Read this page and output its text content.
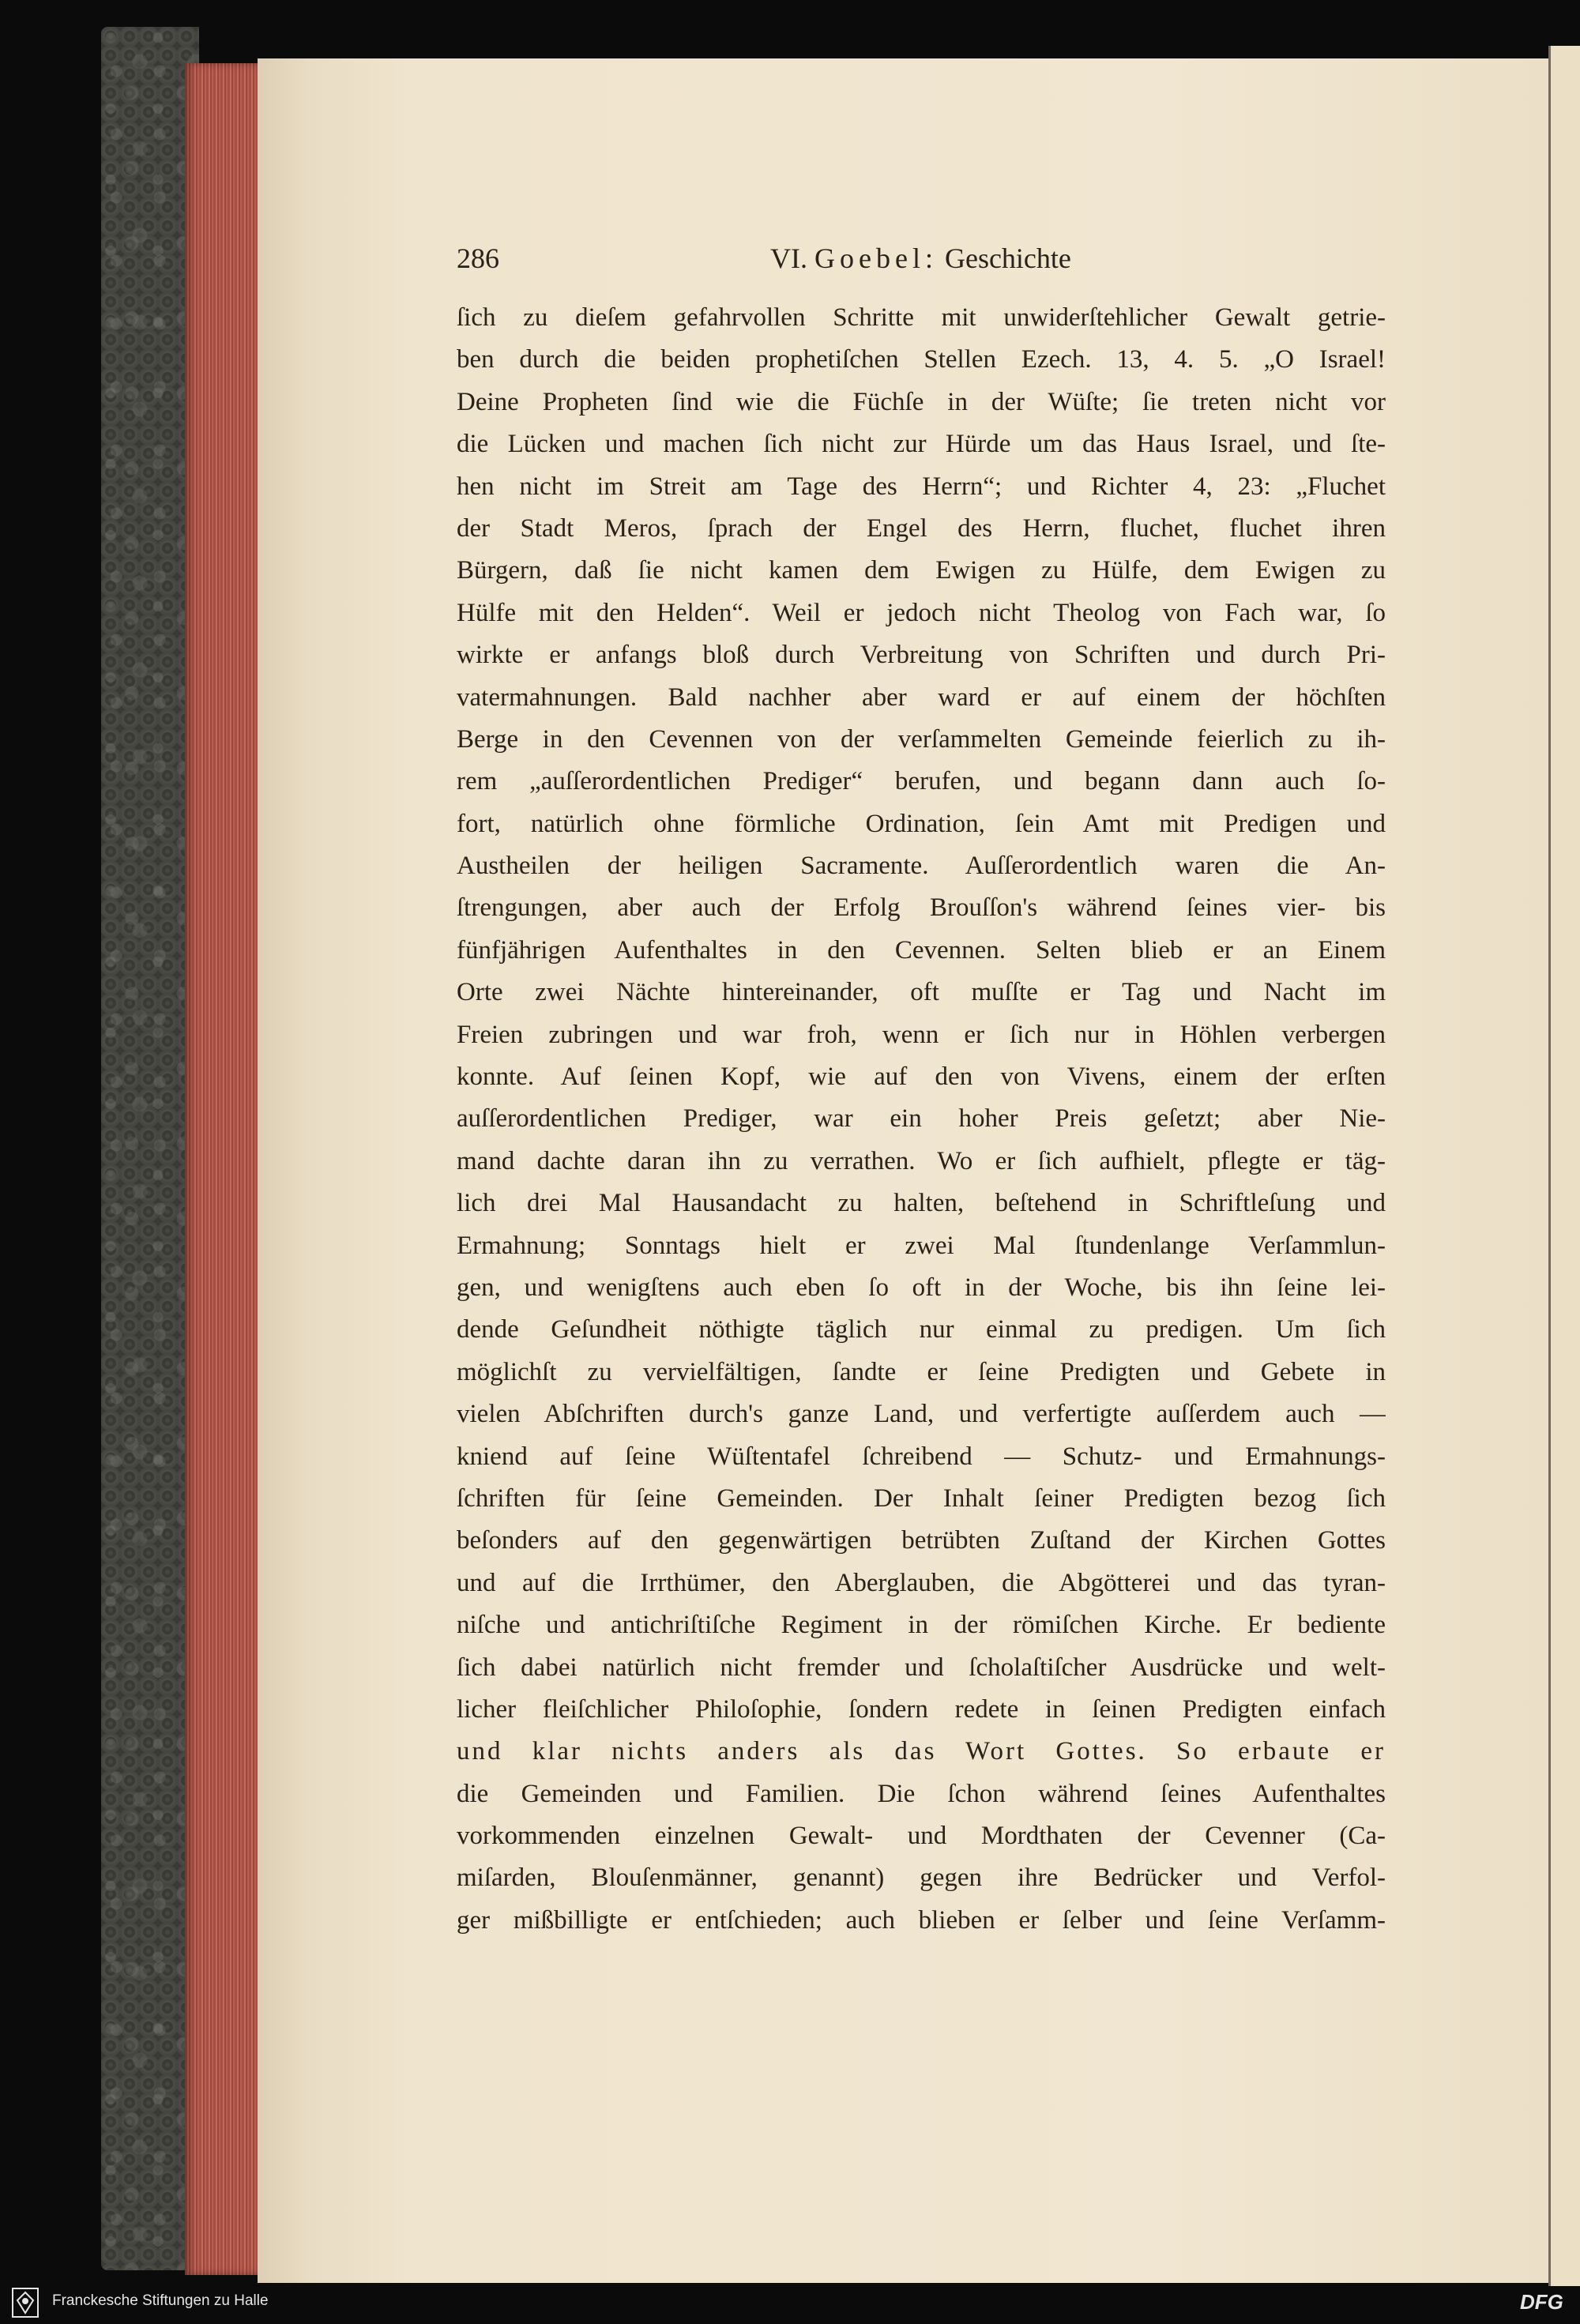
286	VI. Goebel: Geschichte
ſich zu dieſem gefahrvollen Schritte mit unwiderſtehlicher Gewalt getrie-
ben durch die beiden prophetiſchen Stellen Ezech. 13, 4. 5. „O Israel!
Deine Propheten ſind wie die Füchſe in der Wüſte; ſie treten nicht vor
die Lücken und machen ſich nicht zur Hürde um das Haus Israel, und ſte-
hen nicht im Streit am Tage des Herrn“; und Richter 4, 23: „Fluchet
der Stadt Meros, ſprach der Engel des Herrn, fluchet, fluchet ihren
Bürgern, daß ſie nicht kamen dem Ewigen zu Hülfe, dem Ewigen zu
Hülfe mit den Helden“. Weil er jedoch nicht Theolog von Fach war, ſo
wirkte er anfangs bloß durch Verbreitung von Schriften und durch Pri-
vatermahnungen. Bald nachher aber ward er auf einem der höchſten
Berge in den Cevennen von der verſammelten Gemeinde feierlich zu ih-
rem „auſſerordentlichen Prediger“ berufen, und begann dann auch ſo-
fort, natürlich ohne förmliche Ordination, ſein Amt mit Predigen und
Austheilen der heiligen Sacramente. Auſſerordentlich waren die An-
ſtrengungen, aber auch der Erfolg Brouſſon's während ſeines vier- bis
fünfjährigen Aufenthaltes in den Cevennen. Selten blieb er an Einem
Orte zwei Nächte hintereinander, oft muſſte er Tag und Nacht im
Freien zubringen und war froh, wenn er ſich nur in Höhlen verbergen
konnte. Auf ſeinen Kopf, wie auf den von Vivens, einem der erſten
auſſerordentlichen Prediger, war ein hoher Preis geſetzt; aber Nie-
mand dachte daran ihn zu verrathen. Wo er ſich aufhielt, pflegte er täg-
lich drei Mal Hausandacht zu halten, beſtehend in Schriftleſung und
Ermahnung; Sonntags hielt er zwei Mal ſtundenlange Verſammlun-
gen, und wenigſtens auch eben ſo oft in der Woche, bis ihn ſeine lei-
dende Geſundheit nöthigte täglich nur einmal zu predigen. Um ſich
möglichſt zu vervielfältigen, ſandte er ſeine Predigten und Gebete in
vielen Abſchriften durch's ganze Land, und verfertigte auſſerdem auch —
kniend auf ſeine Wüſtentafel ſchreibend — Schutz- und Ermahnungs-
ſchriften für ſeine Gemeinden. Der Inhalt ſeiner Predigten bezog ſich
beſonders auf den gegenwärtigen betrübten Zuſtand der Kirchen Gottes
und auf die Irrthümer, den Aberglauben, die Abgötterei und das tyran-
niſche und antichriſtiſche Regiment in der römiſchen Kirche. Er bediente
ſich dabei natürlich nicht fremder und ſcholaſtiſcher Ausdrücke und welt-
licher fleiſchlicher Philoſophie, ſondern redete in ſeinen Predigten einfach
und klar nichts anders als das Wort Gottes. So erbaute er
die Gemeinden und Familien. Die ſchon während ſeines Aufenthaltes
vorkommenden einzelnen Gewalt- und Mordthaten der Cevenner (Ca-
miſarden, Blouſenmänner, genannt) gegen ihre Bedrücker und Verfol-
ger mißbilligte er entſchieden; auch blieben er ſelber und ſeine Verſamm-
Franckesche Stiftungen zu Halle	DFG
